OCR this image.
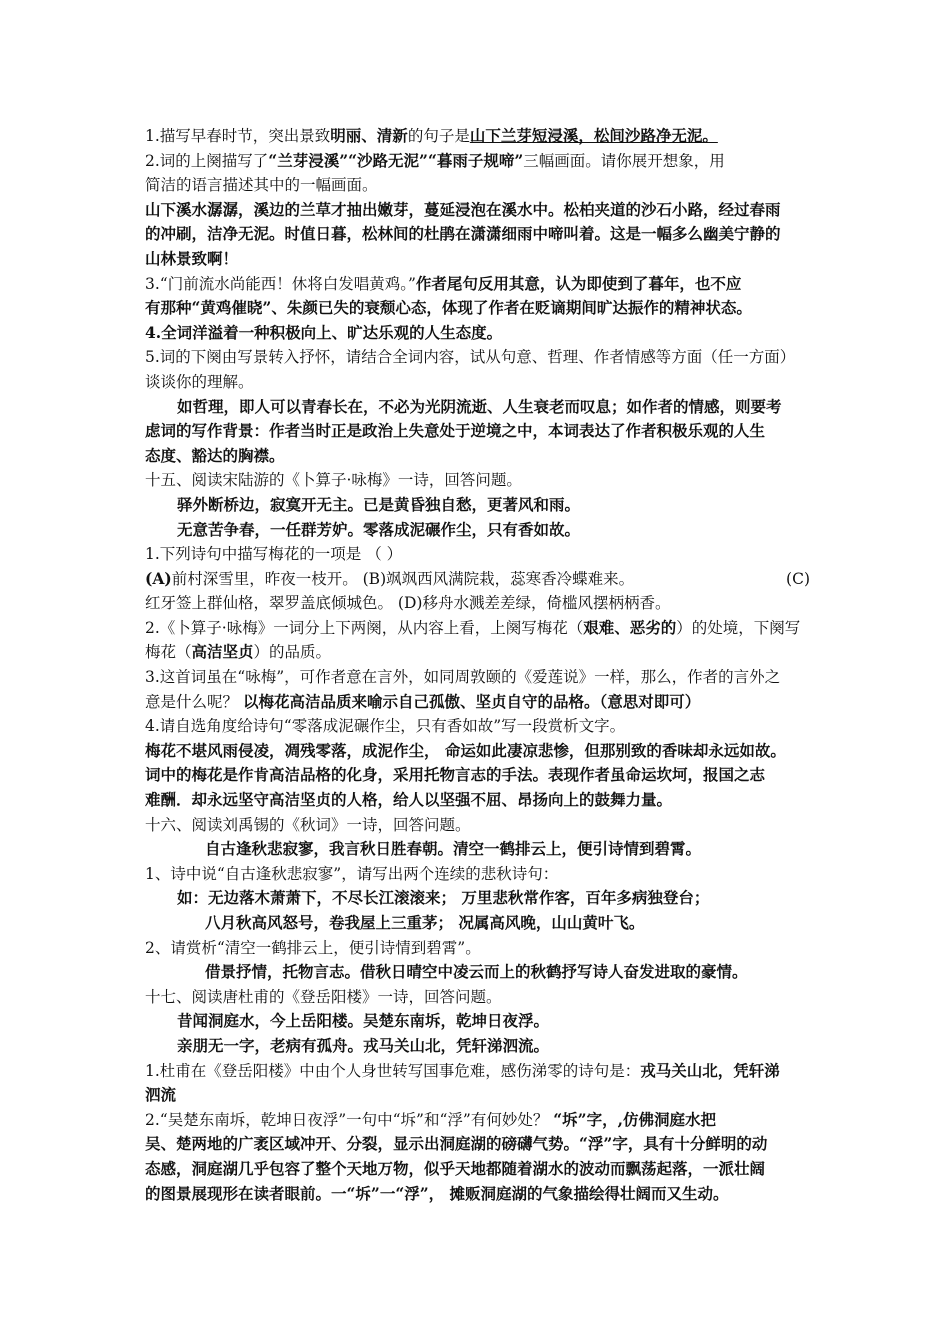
1.描写早春时节，突出景致明丽、清新的句子是山下兰芽短浸溪，松间沙路净无泥。
2.词的上阕描写了“兰芽浸溪”“沙路无泥”“暮雨子规啼”三幅画面。请你展开想象，用
简洁的语言描述其中的一幅画面。
山下溪水潺潺，溪边的兰草才抽出嫩芽，蔓延浸泡在溪水中。松柏夹道的沙石小路，经过春雨
的冲刷，洁净无泥。时值日暮，松林间的杜鹃在潇潇细雨中啼叫着。这是一幅多么幽美宁静的
山林景致啊！
3.“门前流水尚能西！休将白发唱黄鸡。”作者尾句反用其意，认为即使到了暮年，也不应
有那种“黄鸡催晓”、朱颜已失的衰颓心态，体现了作者在贬谪期间旷达振作的精神状态。
4.全词洋溢着一种积极向上、旷达乐观的人生态度。
5.词的下阕由写景转入抒怀，请结合全词内容，试从句意、哲理、作者情感等方面（任一方面）
谈谈你的理解。
如哲理，即人可以青春长在，不必为光阴流逝、人生衰老而叹息；如作者的情感，则要考
虑词的写作背景：作者当时正是政治上失意处于逆境之中，本词表达了作者积极乐观的人生
态度、豁达的胸襟。
十五、阅读宋陆游的《卜算子·咏梅》一诗，回答问题。
驿外断桥边，寂寞开无主。已是黄昏独自愁，更著风和雨。
无意苦争春，一任群芳妒。零落成泥碾作尘，只有香如故。
1.下列诗句中描写梅花的一项是 （ ）
(A)前村深雪里，昨夜一枝开。 (B)飒飒西风满院栽，蕊寒香冷蝶难来。	(C)
红牙签上群仙格，翠罗盖底倾城色。 (D)移舟水溅差差绿，倚槛风摆柄柄香。
2.《卜算子·咏梅》一词分上下两阕，从内容上看，上阕写梅花（艰难、恶劣的）的处境，下阕写
梅花（高洁坚贞）的品质。
3.这首词虽在“咏梅”，可作者意在言外，如同周敦颐的《爱莲说》一样，那么，作者的言外之
意是什么呢？ 以梅花高洁品质来喻示自己孤傲、坚贞自守的品格。（意思对即可）
4.请自选角度给诗句“零落成泥碾作尘，只有香如故”写一段赏析文字。
梅花不堪风雨侵凌，凋残零落，成泥作尘， 命运如此凄凉悲惨，但那别致的香味却永远如故。
词中的梅花是作肯高洁品格的化身，采用托物言志的手法。表现作者虽命运坎坷，报国之志
难酬．却永远坚守高洁坚贞的人格，给人以坚强不屈、昂扬向上的鼓舞力量。
十六、阅读刘禹锡的《秋词》一诗，回答问题。
自古逢秋悲寂寥，我言秋日胜春朝。清空一鹤排云上，便引诗情到碧霄。
1、诗中说“自古逢秋悲寂寥”，请写出两个连续的悲秋诗句：
如：无边落木萧萧下，不尽长江滚滚来； 万里悲秋常作客，百年多病独登台；
八月秋高风怒号，卷我屋上三重茅； 况属高风晚，山山黄叶飞。
2、请赏析“清空一鹤排云上，便引诗情到碧霄”。
借景抒情，托物言志。借秋日晴空中凌云而上的秋鹤抒写诗人奋发进取的豪情。
十七、阅读唐杜甫的《登岳阳楼》一诗，回答问题。
昔闻洞庭水，今上岳阳楼。吴楚东南坼，乾坤日夜浮。
亲朋无一字，老病有孤舟。戎马关山北，凭轩涕泗流。
1.杜甫在《登岳阳楼》中由个人身世转写国事危难，感伤涕零的诗句是：戎马关山北，凭轩涕
泗流
2.“吴楚东南坼，乾坤日夜浮”一句中“坼”和“浮”有何妙处？ “坼”字，,仿佛洞庭水把
吴、楚两地的广袤区域冲开、分裂，显示出洞庭湖的磅礴气势。“浮”字，具有十分鲜明的动
态感，洞庭湖几乎包容了整个天地万物，似乎天地都随着湖水的波动而飘荡起落，一派壮阔
的图景展现形在读者眼前。一“坼”一“浮”， 摊贩洞庭湖的气象描绘得壮阔而又生动。
